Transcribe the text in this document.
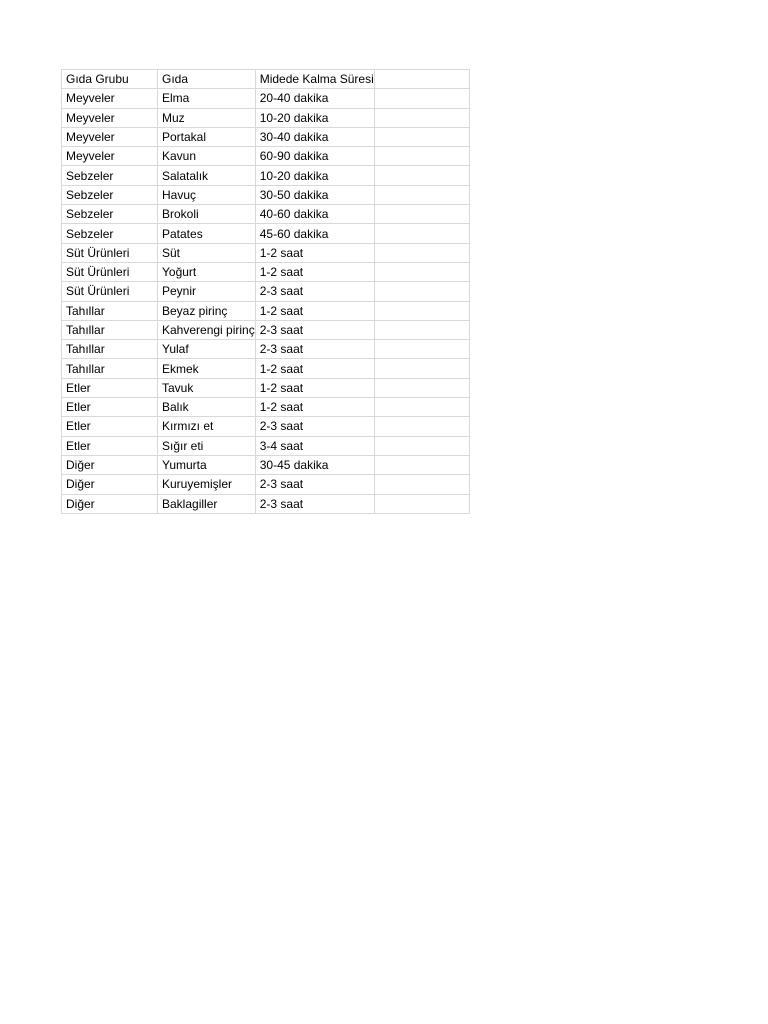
Gıda Grubu	Gıda	Midede Kalma Süresi	
Meyveler	Elma	20-40 dakika	
Meyveler	Muz	10-20 dakika	
Meyveler	Portakal	30-40 dakika	
Meyveler	Kavun	60-90 dakika	
Sebzeler	Salatalık	10-20 dakika	
Sebzeler	Havuç	30-50 dakika	
Sebzeler	Brokoli	40-60 dakika	
Sebzeler	Patates	45-60 dakika	
Süt Ürünleri	Süt	1-2 saat	
Süt Ürünleri	Yoğurt	1-2 saat	
Süt Ürünleri	Peynir	2-3 saat	
Tahıllar	Beyaz pirinç	1-2 saat	
Tahıllar	Kahverengi pirinç	2-3 saat	
Tahıllar	Yulaf	2-3 saat	
Tahıllar	Ekmek	1-2 saat	
Etler	Tavuk	1-2 saat	
Etler	Balık	1-2 saat	
Etler	Kırmızı et	2-3 saat	
Etler	Sığır eti	3-4 saat	
Diğer	Yumurta	30-45 dakika	
Diğer	Kuruyemişler	2-3 saat	
Diğer	Baklagiller	2-3 saat	
